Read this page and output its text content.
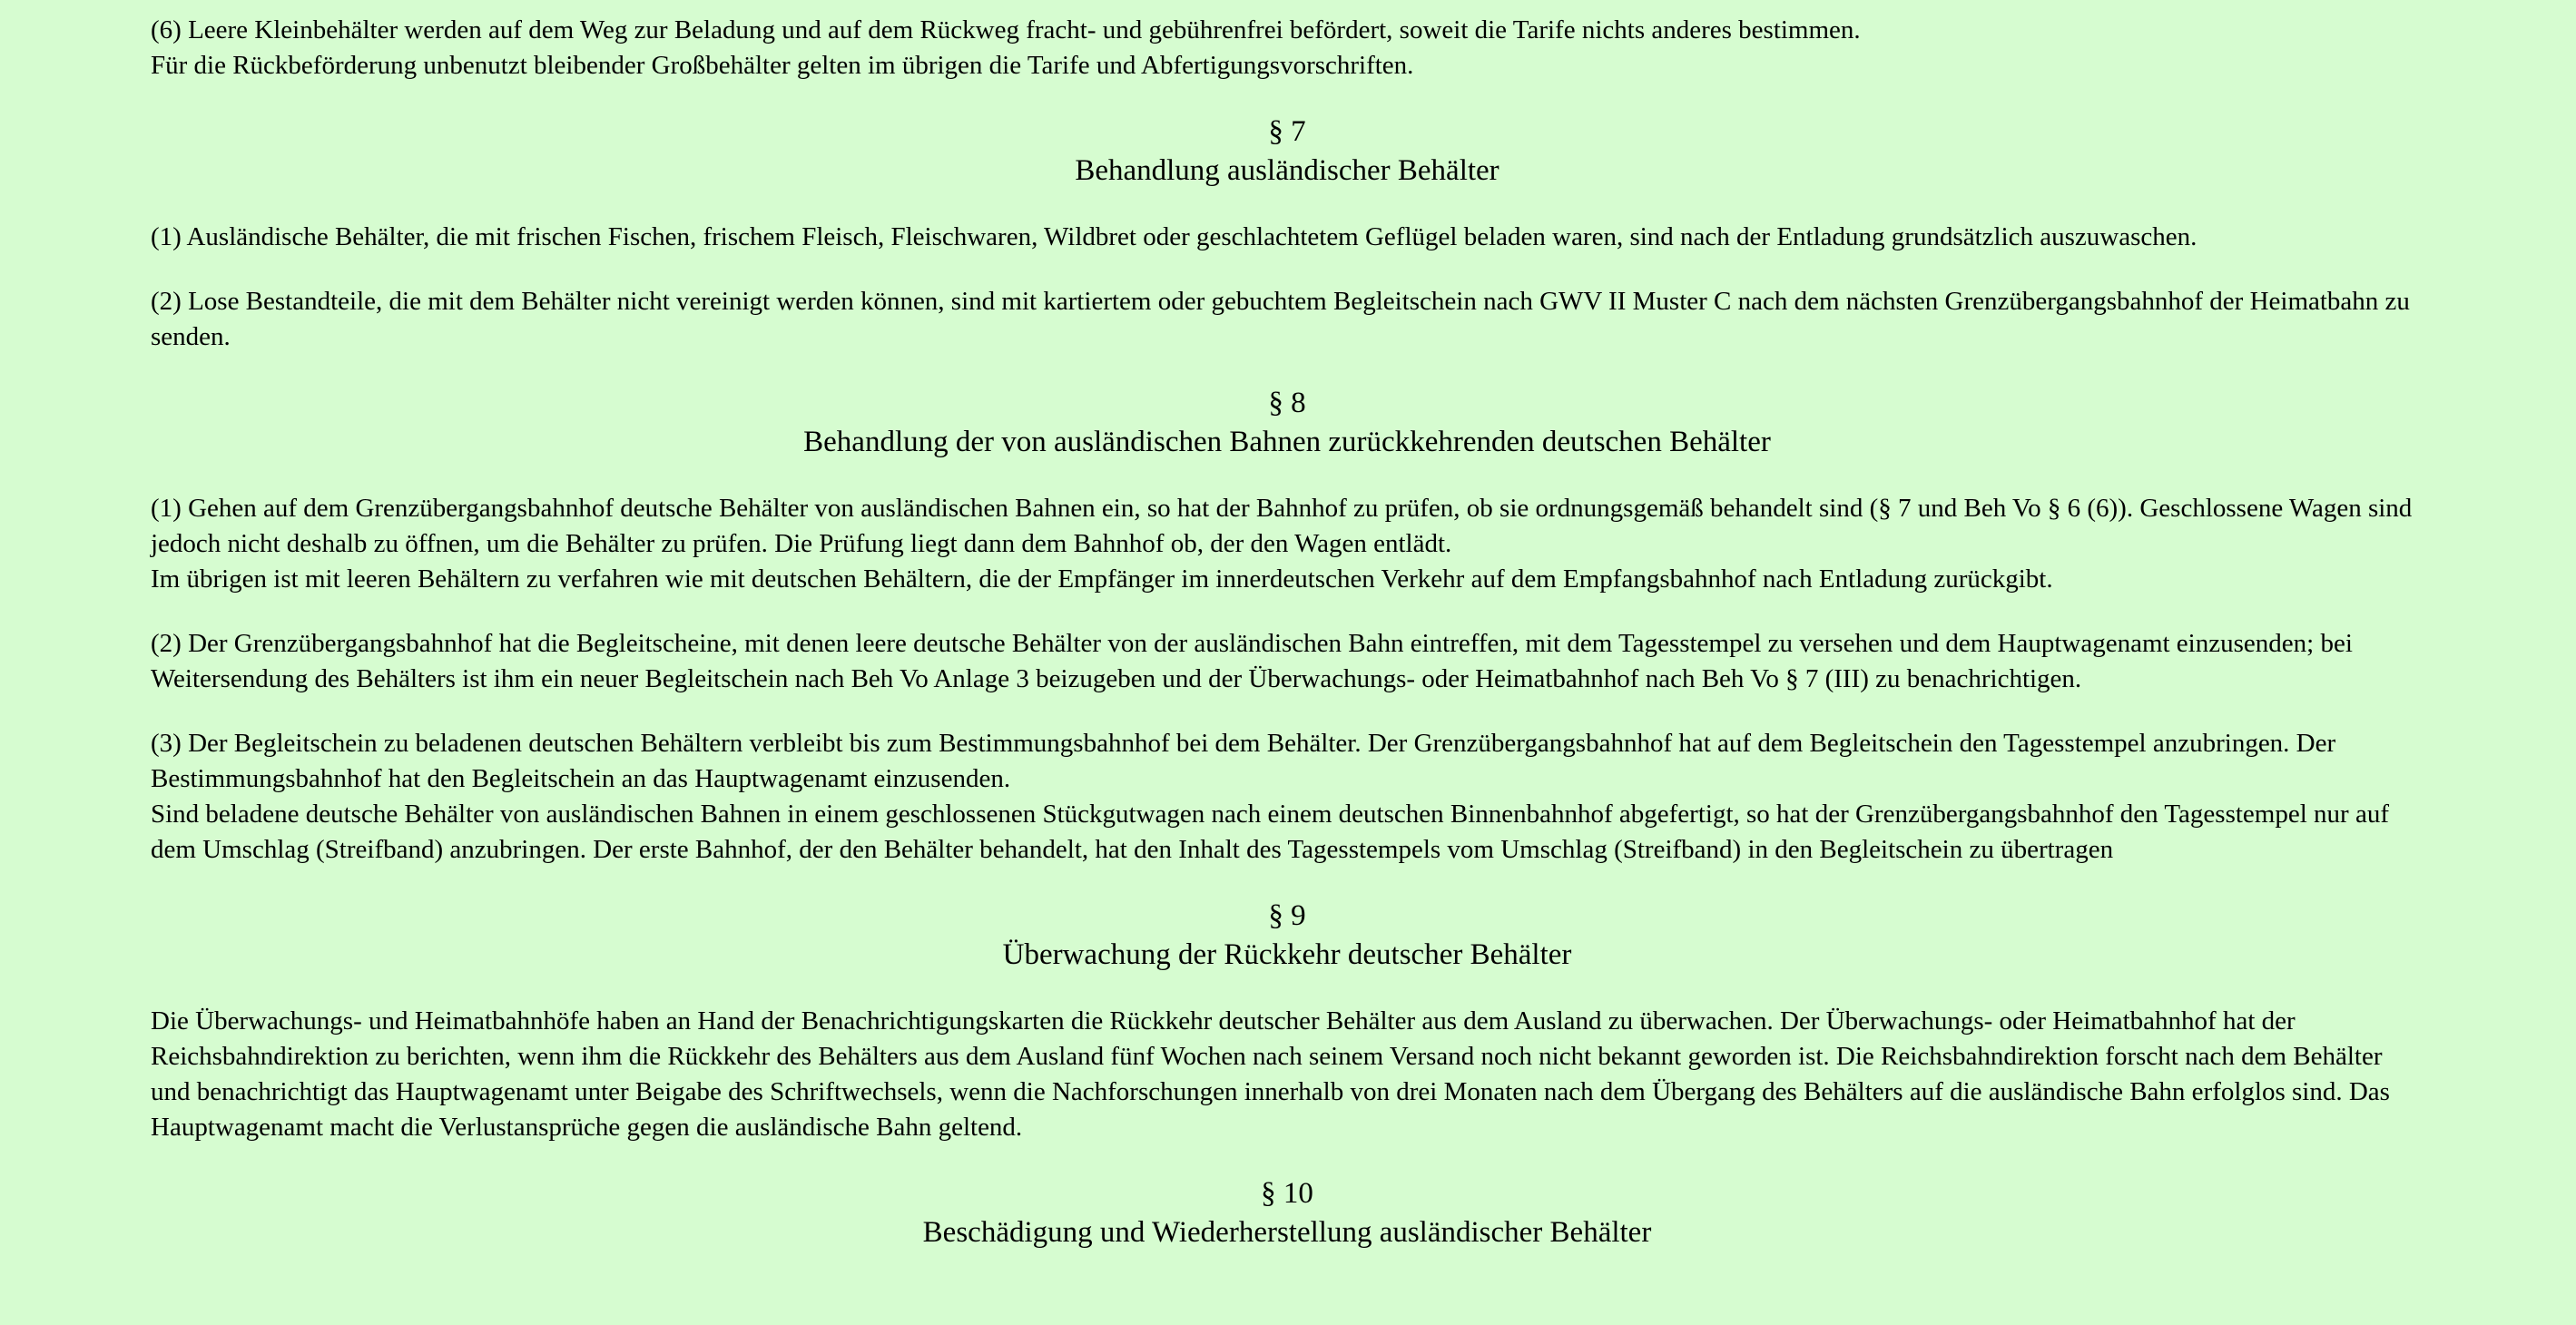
(6) Leere Kleinbehälter werden auf dem Weg zur Beladung und auf dem Rückweg fracht- und gebührenfrei befördert, soweit die Tarife nichts anderes bestimmen.
Für die Rückbeförderung unbenutzt bleibender Großbehälter gelten im übrigen die Tarife und Abfertigungsvorschriften.

§ 7
Behandlung ausländischer Behälter

(1) Ausländische Behälter, die mit frischen Fischen, frischem Fleisch, Fleischwaren, Wildbret oder geschlachtetem Geflügel beladen waren, sind nach der Entladung grundsätzlich auszuwaschen.

(2) Lose Bestandteile, die mit dem Behälter nicht vereinigt werden können, sind mit kartiertem oder gebuchtem Begleitschein nach GWV II Muster C nach dem nächsten Grenzübergangsbahnhof der Heimatbahn zu senden.

§ 8
Behandlung der von ausländischen Bahnen zurückkehrenden deutschen Behälter

(1) Gehen auf dem Grenzübergangsbahnhof deutsche Behälter von ausländischen Bahnen ein, so hat der Bahnhof zu prüfen, ob sie ordnungsgemäß behandelt sind (§ 7 und Beh Vo § 6 (6)). Geschlossene Wagen sind jedoch nicht deshalb zu öffnen, um die Behälter zu prüfen. Die Prüfung liegt dann dem Bahnhof ob, der den Wagen entlädt.
Im übrigen ist mit leeren Behältern zu verfahren wie mit deutschen Behältern, die der Empfänger im innerdeutschen Verkehr auf dem Empfangsbahnhof nach Entladung zurückgibt.

(2) Der Grenzübergangsbahnhof hat die Begleitscheine, mit denen leere deutsche Behälter von der ausländischen Bahn eintreffen, mit dem Tagesstempel zu versehen und dem Hauptwagenamt einzusenden; bei Weitersendung des Behälters ist ihm ein neuer Begleitschein nach Beh Vo Anlage 3 beizugeben und der Überwachungs- oder Heimatbahnhof nach Beh Vo § 7 (III) zu benachrichtigen.

(3) Der Begleitschein zu beladenen deutschen Behältern verbleibt bis zum Bestimmungsbahnhof bei dem Behälter. Der Grenzübergangsbahnhof hat auf dem Begleitschein den Tagesstempel anzubringen. Der Bestimmungsbahnhof hat den Begleitschein an das Hauptwagenamt einzusenden.
Sind beladene deutsche Behälter von ausländischen Bahnen in einem geschlossenen Stückgutwagen nach einem deutschen Binnenbahnhof abgefertigt, so hat der Grenzübergangsbahnhof den Tagesstempel nur auf dem Umschlag (Streifband) anzubringen. Der erste Bahnhof, der den Behälter behandelt, hat den Inhalt des Tagesstempels vom Umschlag (Streifband) in den Begleitschein zu übertragen

§ 9
Überwachung der Rückkehr deutscher Behälter

Die Überwachungs- und Heimatbahnhöfe haben an Hand der Benachrichtigungskarten die Rückkehr deutscher Behälter aus dem Ausland zu überwachen. Der Überwachungs- oder Heimatbahnhof hat der Reichsbahndirektion zu berichten, wenn ihm die Rückkehr des Behälters aus dem Ausland fünf Wochen nach seinem Versand noch nicht bekannt geworden ist. Die Reichsbahndirektion forscht nach dem Behälter und benachrichtigt das Hauptwagenamt unter Beigabe des Schriftwechsels, wenn die Nachforschungen innerhalb von drei Monaten nach dem Übergang des Behälters auf die ausländische Bahn erfolglos sind. Das Hauptwagenamt macht die Verlustansprüche gegen die ausländische Bahn geltend.

§ 10
Beschädigung und Wiederherstellung ausländischer Behälter
